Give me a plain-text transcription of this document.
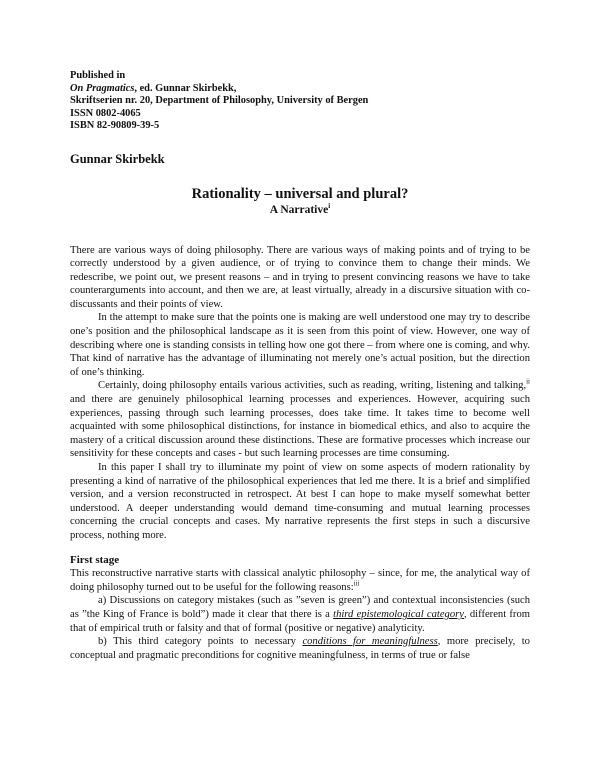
Published in
On Pragmatics, ed. Gunnar Skirbekk,
Skriftserien nr. 20, Department of Philosophy, University of Bergen
ISSN 0802-4065
ISBN 82-90809-39-5
Gunnar Skirbekk
Rationality – universal and plural?
A Narrative$^i$

There are various ways of doing philosophy. There are various ways of making points and of trying to be correctly understood by a given audience, or of trying to convince them to change their minds. We redescribe, we point out, we present reasons – and in trying to present convincing reasons we have to take counterarguments into account, and then we are, at least virtually, already in a discursive situation with co-discussants and their points of view.

In the attempt to make sure that the points one is making are well understood one may try to describe one’s position and the philosophical landscape as it is seen from this point of view. However, one way of describing where one is standing consists in telling how one got there – from where one is coming, and why. That kind of narrative has the advantage of illuminating not merely one’s actual position, but the direction of one’s thinking.

Certainly, doing philosophy entails various activities, such as reading, writing, listening and talking,$^{ii}$ and there are genuinely philosophical learning processes and experiences. However, acquiring such experiences, passing through such learning processes, does take time. It takes time to become well acquainted with some philosophical distinctions, for instance in biomedical ethics, and also to acquire the mastery of a critical discussion around these distinctions. These are formative processes which increase our sensitivity for these concepts and cases - but such learning processes are time consuming.

In this paper I shall try to illuminate my point of view on some aspects of modern rationality by presenting a kind of narrative of the philosophical experiences that led me there. It is a brief and simplified version, and a version reconstructed in retrospect. At best I can hope to make myself somewhat better understood. A deeper understanding would demand time-consuming and mutual learning processes concerning the crucial concepts and cases. My narrative represents the first steps in such a discursive process, nothing more.

First stage

This reconstructive narrative starts with classical analytic philosophy – since, for me, the analytical way of doing philosophy turned out to be useful for the following reasons:$^{iii}$

a) Discussions on category mistakes (such as ”seven is green”) and contextual inconsistencies (such as ”the King of France is bold”) made it clear that there is a third epistemological category, different from that of empirical truth or falsity and that of formal (positive or negative) analyticity.

b) This third category points to necessary conditions for meaningfulness, more precisely, to conceptual and pragmatic preconditions for cognitive meaningfulness, in terms of true or false
